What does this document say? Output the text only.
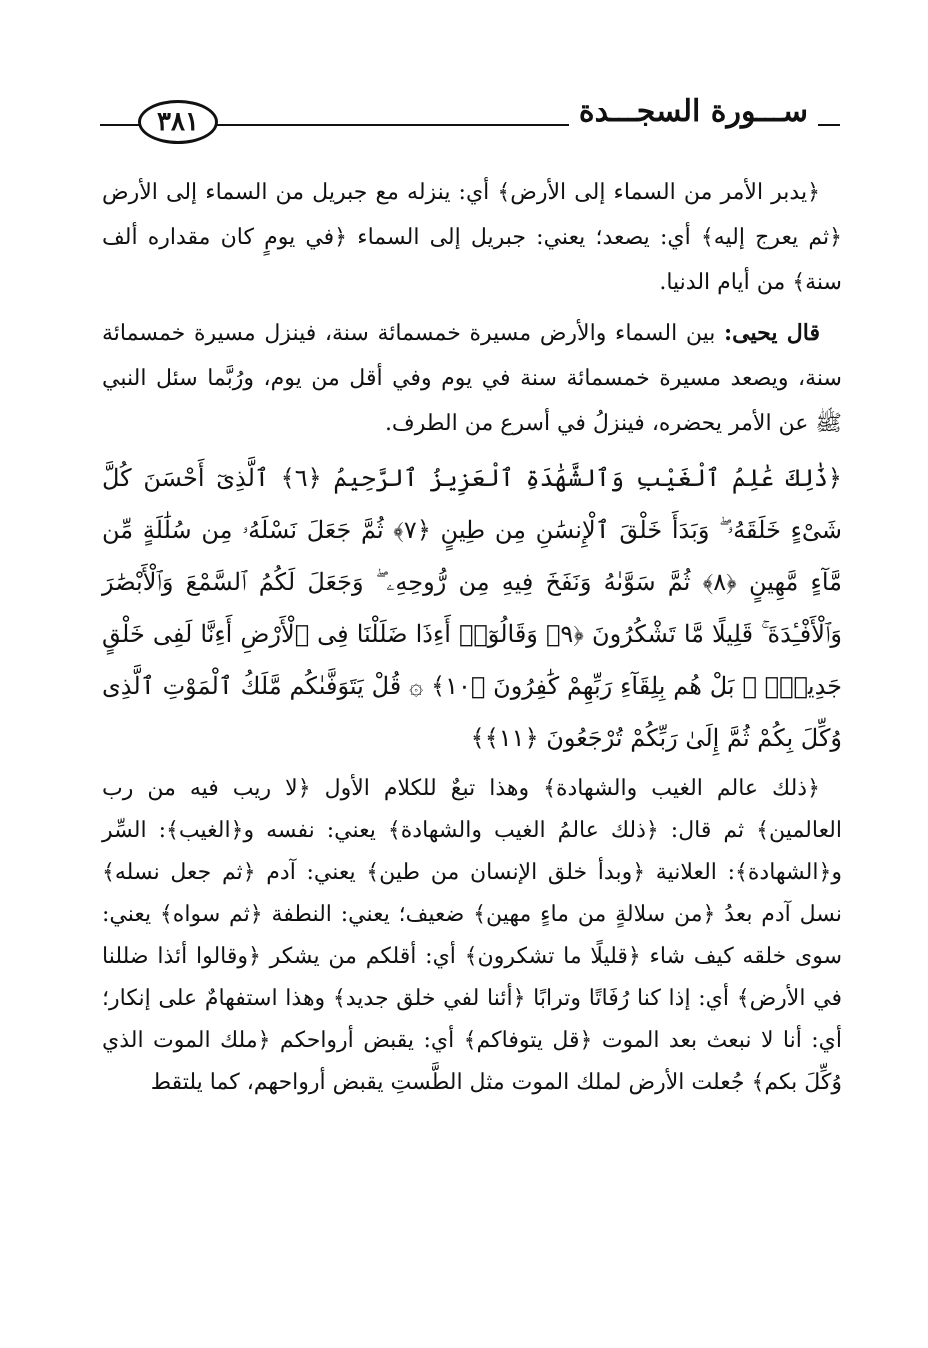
٣٨١	ســـورة السجـــدة

﴿يدبر الأمر من السماء إلى الأرض﴾ أي: ينزله مع جبريل من السماء إلى الأرض ﴿ثم يعرج إليه﴾ أي: يصعد؛ يعني: جبريل إلى السماء ﴿في يومٍ كان مقداره ألف سنة﴾ من أيام الدنيا.

قال يحيى: بين السماء والأرض مسيرة خمسمائة سنة، فينزل مسيرة خمسمائة سنة، ويصعد مسيرة خمسمائة سنة في يوم وفي أقل من يوم، ورُبَّما سئل النبي ﷺ عن الأمر يحضره، فينزلُ في أسرع من الطرف.

﴿ذَٰلِكَ عَٰلِمُ ٱلْغَيْبِ وَٱلشَّهَٰدَةِ ٱلْعَزِيزُ ٱلرَّحِيمُ ﴿٦﴾ ٱلَّذِىٓ أَحْسَنَ كُلَّ شَىْءٍ خَلَقَهُۥ ۖ وَبَدَأَ خَلْقَ ٱلْإِنسَٰنِ مِن طِينٍ ﴿٧﴾ ثُمَّ جَعَلَ نَسْلَهُۥ مِن سُلَٰلَةٍ مِّن مَّآءٍ مَّهِينٍ ﴿٨﴾ ثُمَّ سَوَّىٰهُ وَنَفَخَ فِيهِ مِن رُّوحِهِۦ ۖ وَجَعَلَ لَكُمُ ٱلسَّمْعَ وَٱلْأَبْصَٰرَ وَٱلْأَفْـِٔدَةَ ۚ قَلِيلًا مَّا تَشْكُرُونَ ﴿٩﴾ وَقَالُوٓا۟ أَءِذَا ضَلَلْنَا فِى ٱلْأَرْضِ أَءِنَّا لَفِى خَلْقٍ جَدِيدٍۭ ۚ بَلْ هُم بِلِقَآءِ رَبِّهِمْ كَٰفِرُونَ ﴿١٠﴾ ۞ قُلْ يَتَوَفَّىٰكُم مَّلَكُ ٱلْمَوْتِ ٱلَّذِى وُكِّلَ بِكُمْ ثُمَّ إِلَىٰ رَبِّكُمْ تُرْجَعُونَ ﴿١١﴾﴾

﴿ذلك عالم الغيب والشهادة﴾ وهذا تبعٌ للكلام الأول ﴿لا ريب فيه من رب العالمين﴾ ثم قال: ﴿ذلك عالمُ الغيب والشهادة﴾ يعني: نفسه و﴿الغيب﴾: السِّر و﴿الشهادة﴾: العلانية ﴿وبدأ خلق الإنسان من طين﴾ يعني: آدم ﴿ثم جعل نسله﴾ نسل آدم بعدُ ﴿من سلالةٍ من ماءٍ مهين﴾ ضعيف؛ يعني: النطفة ﴿ثم سواه﴾ يعني: سوى خلقه كيف شاء ﴿قليلًا ما تشكرون﴾ أي: أقلكم من يشكر ﴿وقالوا أئذا ضللنا في الأرض﴾ أي: إذا كنا رُفَاتًا وترابًا ﴿أئنا لفي خلق جديد﴾ وهذا استفهامٌ على إنكار؛ أي: أنا لا نبعث بعد الموت ﴿قل يتوفاكم﴾ أي: يقبض أرواحكم ﴿ملك الموت الذي وُكِّلَ بكم﴾ جُعلت الأرض لملك الموت مثل الطَّستِ يقبض أرواحهم، كما يلتقط
